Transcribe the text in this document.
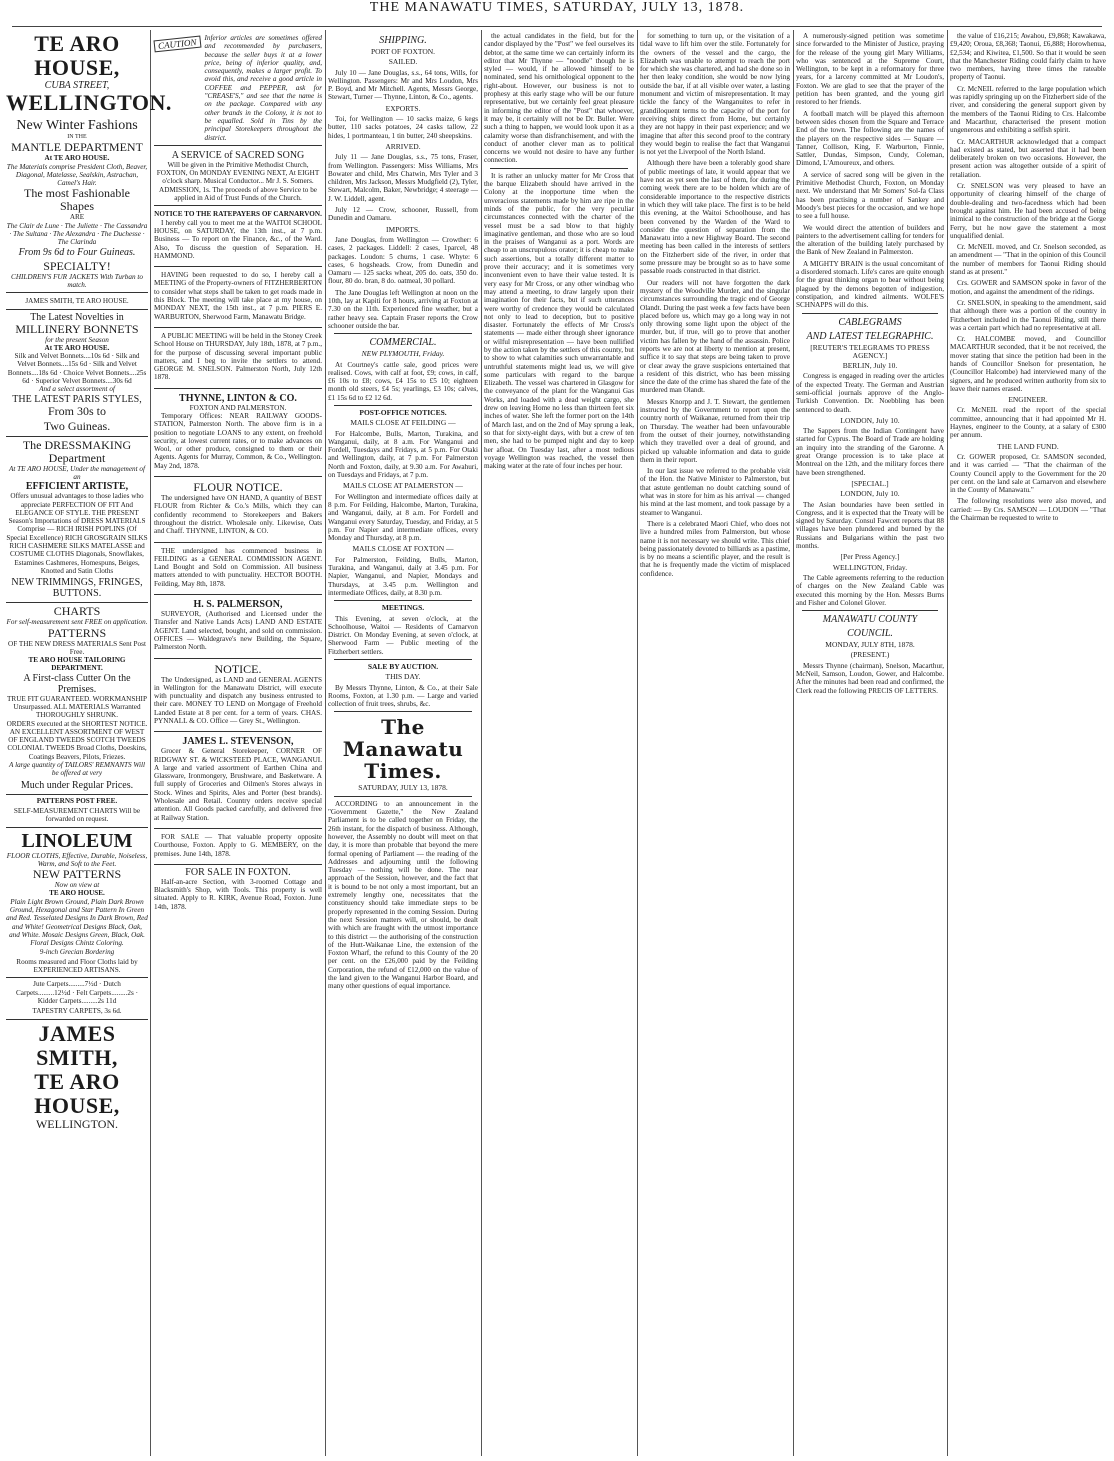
THE MANAWATU TIMES, SATURDAY, JULY 13, 1878.
TE ARO HOUSE,
CUBA STREET,
WELLINGTON.
New Winter Fashions
IN THE
MANTLE DEPARTMENT
At TE ARO HOUSE.
The Materials comprise President Cloth, Beaver, Diagonal, Matelasse, Sealskin, Astrachan, Camel's Hair.
The most Fashionable Shapes
ARE
The Clair de Lune · The Juliette · The Cassandra · The Sultana · The Alexandra · The Duchesse · The Clarinda
From 9s 6d to Four Guineas.
SPECIALTY!
CHILDREN'S FUR JACKETS With Turban to match.
JAMES SMITH, TE ARO HOUSE.
The Latest Novelties in
MILLINERY BONNETS
for the present Season
At TE ARO HOUSE.
Silk and Velvet Bonnets....10s 6d · Silk and Velvet Bonnets....15s 6d · Silk and Velvet Bonnets....18s 6d · Choice Velvet Bonnets....25s 6d · Superior Velvet Bonnets....30s 6d
And a select assortment of
THE LATEST PARIS STYLES,
From 30s to
Two Guineas.
The DRESSMAKING Department
At TE ARO HOUSE, Under the management of an
EFFICIENT ARTISTE,
Offers unusual advantages to those ladies who appreciate PERFECTION OF FIT And ELEGANCE OF STYLE. THE PRESENT Season's Importations of DRESS MATERIALS Comprise — RICH IRISH POPLINS (Of Special Excellence) RICH GROSGRAIN SILKS RICH CASHMERE SILKS MATELASSE and COSTUME CLOTHS Diagonals, Snowflakes, Estamines Cashmeres, Homespuns, Beiges, Knotted and Satin Cloths
NEW TRIMMINGS, FRINGES, BUTTONS.
CHARTS
For self-measurement sent FREE on application.
PATTERNS
OF THE NEW DRESS MATERIALS Sent Post Free.
TE ARO HOUSE TAILORING DEPARTMENT.
A First-class Cutter On the Premises.
TRUE FIT GUARANTEED. WORKMANSHIP Unsurpassed. ALL MATERIALS Warranted THOROUGHLY SHRUNK.
ORDERS executed at the SHORTEST NOTICE.
AN EXCELLENT ASSORTMENT OF WEST OF ENGLAND TWEEDS SCOTCH TWEEDS COLONIAL TWEEDS Broad Cloths, Doeskins, Coatings Beavers, Pilots, Friezes.
A large quantity of TAILORS' REMNANTS Will be offered at very
Much under Regular Prices.
PATTERNS POST FREE.
SELF-MEASUREMENT CHARTS Will be forwarded on request.
LINOLEUM
FLOOR CLOTHS, Effective, Durable, Noiseless, Warm, and Soft to the Feet.
NEW PATTERNS
Now on view at
TE ARO HOUSE.
Plain Light Brown Ground, Plain Dark Brown Ground, Hexagonal and Star Pattern In Green and Red. Tesselated Designs In Dark Brown, Red and White! Geometrical Designs Black, Oak, and White. Mosaic Designs Green, Black, Oak. Floral Designs Chintz Coloring.
9-inch Grecian Bordering
Rooms measured and Floor Cloths laid by EXPERIENCED ARTISANS.
Jute Carpets.........7½d · Dutch Carpets.........12½d · Felt Carpets.........2s · Kidder Carpets.........2s 11d
TAPESTRY CARPETS, 3s 6d.
JAMES SMITH,
TE ARO HOUSE,
WELLINGTON.
CAUTION	Inferior articles are sometimes offered and recommended by purchasers, because the seller buys it at a lower price, being of inferior quality, and, consequently, makes a larger profit. To avoid this, and receive a good article in COFFEE and PEPPER, ask for "CREASE'S," and see that the name is on the package. Compared with any other brands in the Colony, it is not to be equalled. Sold in Tins by the principal Storekeepers throughout the district.
A SERVICE of SACRED SONG
Will be given in the Primitive Methodist Church, FOXTON, On MONDAY EVENING NEXT, At EIGHT o'clock sharp. Musical Conductor... Mr J. S. Somers. ADMISSION, 1s. The proceeds of above Service to be applied in Aid of Trust Funds of the Church.
NOTICE TO THE RATEPAYERS OF CARNARVON.

I hereby call you to meet me at the WAITOI SCHOOL HOUSE, on SATURDAY, the 13th inst., at 7 p.m. Business — To report on the Finance, &c., of the Ward. Also, To discuss the question of Separation. H. HAMMOND.

HAVING been requested to do so, I hereby call a MEETING of the Property-owners of FITZHERBERTON to consider what steps shall be taken to get roads made in this Block. The meeting will take place at my house, on MONDAY NEXT, the 15th inst., at 7 p.m. PIERS E. WARBURTON, Sherwood Farm, Manawatu Bridge.

A PUBLIC MEETING will be held in the Stoney Creek School House on THURSDAY, July 18th, 1878, at 7 p.m., for the purpose of discussing several important public matters, and I beg to invite the settlers to attend. GEORGE M. SNELSON. Palmerston North, July 12th 1878.

THYNNE, LINTON & CO.
FOXTON AND PALMERSTON.

Temporary Offices: NEAR RAILWAY GOODS-STATION, Palmerston North. The above firm is in a position to negotiate LOANS to any extent, on freehold security, at lowest current rates, or to make advances on Wool, or other produce, consigned to them or their Agents. Agents for Murray, Common, & Co., Wellington. May 2nd, 1878.

FLOUR NOTICE.

The undersigned have ON HAND, A quantity of BEST FLOUR from Richter & Co.'s Mills, which they can confidently recommend to Storekeepers and Bakers throughout the district. Wholesale only. Likewise, Oats and Chaff. THYNNE, LINTON, & CO.

THE undersigned has commenced business in FEILDING as a GENERAL COMMISSION AGENT. Land Bought and Sold on Commission. All business matters attended to with punctuality. HECTOR BOOTH. Feilding, May 8th, 1878.

H. S. PALMERSON,

SURVEYOR, (Authorised and Licensed under the Transfer and Native Lands Acts) LAND AND ESTATE AGENT. Land selected, bought, and sold on commission. OFFICES — Waldegrave's new Building, the Square, Palmerston North.

NOTICE.

The Undersigned, as LAND and GENERAL AGENTS in Wellington for the Manawatu District, will execute with punctuality and dispatch any business entrusted to their care. MONEY TO LEND on Mortgage of Freehold Landed Estate at 8 per cent. for a term of years. CHAS. PYNNALL & CO. Office — Grey St., Wellington.

JAMES L. STEVENSON,

Grocer & General Storekeeper, CORNER OF RIDGWAY ST. & WICKSTEED PLACE, WANGANUI. A large and varied assortment of Earthen China and Glassware, Ironmongery, Brushware, and Basketware. A full supply of Groceries and Oilmen's Stores always in Stock. Wines and Spirits, Ales and Porter (best brands). Wholesale and Retail. Country orders receive special attention. All Goods packed carefully, and delivered free at Railway Station.

FOR SALE — That valuable property opposite Courthouse, Foxton. Apply to G. MEMBERY, on the premises. June 14th, 1878.

FOR SALE IN FOXTON.

Half-an-acre Section, with 3-roomed Cottage and Blacksmith's Shop, with Tools. This property is well situated. Apply to R. KIRK, Avenue Road, Foxton. June 14th, 1878.

SHIPPING.
PORT OF FOXTON.
SAILED.

July 10 — Jane Douglas, s.s., 64 tons, Wills, for Wellington. Passengers: Mr and Mrs Loudon, Mrs P. Boyd, and Mr Mitchell. Agents, Messrs George, Stewart, Turner — Thynne, Linton, & Co., agents.

EXPORTS.

Toi, for Wellington — 10 sacks maize, 6 kegs butter, 110 sacks potatoes, 24 casks tallow, 22 hides, 1 portmanteau, 1 tin butter, 240 sheepskins.

ARRIVED.

July 11 — Jane Douglas, s.s., 75 tons, Fraser, from Wellington. Passengers: Miss Williams, Mrs Bowater and child, Mrs Chatwin, Mrs Tyler and 3 children, Mrs Jackson, Messrs Mudgfield (2), Tyler, Stewart, Malcolm, Baker, Newbridge; 4 steerage — J. W. Liddell, agent.

July 12 — Crow, schooner, Russell, from Dunedin and Oamaru.

IMPORTS.

Jane Douglas, from Wellington — Crowther: 6 cases, 2 packages. Liddell: 2 cases, 1parcel, 48 packages. Loudon: 5 churns, 1 case. Whyte: 6 cases, 6 hogsheads. Crow, from Dunedin and Oamaru — 125 sacks wheat, 205 do. oats, 350 do. flour, 80 do. bran, 8 do. oatmeal, 30 pollard.

The Jane Douglas left Wellington at noon on the 10th, lay at Kapiti for 8 hours, arriving at Foxton at 7.30 on the 11th. Experienced fine weather, but a rather heavy sea. Captain Fraser reports the Crow schooner outside the bar.

COMMERCIAL.
NEW PLYMOUTH, Friday.

At Courtney's cattle sale, good prices were realised. Cows, with calf at foot, £9; cows, in calf, £6 10s to £8; cows, £4 15s to £5 10; eighteen month old steers, £4 5s; yearlings, £3 10s; calves, £1 15s 6d to £2 12 6d.

POST-OFFICE NOTICES.
MAILS CLOSE AT FEILDING —

For Halcombe, Bulls, Marton, Turakina, and Wanganui, daily, at 8 a.m. For Wanganui and Fordell, Tuesdays and Fridays, at 5 p.m. For Otaki and Wellington, daily, at 7 p.m. For Palmerston North and Foxton, daily, at 9.30 a.m. For Awahuri, on Tuesdays and Fridays, at 7 p.m.

MAILS CLOSE AT PALMERSTON —

For Wellington and intermediate offices daily at 8 p.m. For Feilding, Halcombe, Marton, Turakina, and Wanganui, daily, at 8 a.m. For Fordell and Wanganui every Saturday, Tuesday, and Friday, at 5 p.m. For Napier and intermediate offices, every Monday and Thursday, at 8 p.m.

MAILS CLOSE AT FOXTON —

For Palmerston, Feilding, Bulls, Marton, Turakina, and Wanganui, daily at 3.45 p.m. For Napier, Wanganui, and Napier, Mondays and Thursdays, at 3.45 p.m. Wellington and intermediate Offices, daily, at 8.30 p.m.

MEETINGS.

This Evening, at seven o'clock, at the Schoolhouse, Waitoi — Residents of Carnarvon District. On Monday Evening, at seven o'clock, at Sherwood Farm — Public meeting of the Fitzherbert settlers.

SALE BY AUCTION.
THIS DAY.

By Messrs Thynne, Linton, & Co., at their Sale Rooms, Foxton, at 1.30 p.m. — Large and varied collection of fruit trees, shrubs, &c.

The Manawatu Times.
SATURDAY, JULY 13, 1878.

ACCORDING to an announcement in the "Government Gazette," the New Zealand Parliament is to be called together on Friday, the 26th instant, for the dispatch of business. Although, however, the Assembly no doubt will meet on that day, it is more than probable that beyond the mere formal opening of Parliament — the reading of the Addresses and adjourning until the following Tuesday — nothing will be done. The near approach of the Session, however, and the fact that it is bound to be not only a most important, but an extremely lengthy one, necessitates that the constituency should take immediate steps to be properly represented in the coming Session. During the next Session matters will, or should, be dealt with which are fraught with the utmost importance to this district — the authorising of the construction of the Hutt-Waikanae Line, the extension of the Foxton Wharf, the refund to this County of the 20 per cent. on the £26,000 paid by the Feilding Corporation, the refund of £12,000 on the value of the land given to the Wanganui Harbor Board, and many other questions of equal importance.

the actual candidates in the field, but for the candor displayed by the "Post" we feel ourselves its debtor, at the same time we can certainly inform its editor that Mr Thynne — "noodle" though he is styled — would, if he allowed himself to be nominated, send his ornithological opponent to the right-about. However, our business is not to prophesy at this early stage who will be our future representative, but we certainly feel great pleasure in informing the editor of the "Post" that whoever, it may be, it certainly will not be Dr. Buller. Were such a thing to happen, we would look upon it as a calamity worse than disfranchisement, and with the conduct of another clever man as to political concerns we would not desire to have any further connection.

It is rather an unlucky matter for Mr Cross that the barque Elizabeth should have arrived in the Colony at the inopportune time when the unveracious statements made by him are ripe in the minds of the public, for the very peculiar circumstances connected with the charter of the vessel must be a sad blow to that highly imaginative gentleman, and those who are so loud in the praises of Wanganui as a port. Words are cheap to an unscrupulous orator; it is cheap to make such assertions, but a totally different matter to prove their accuracy; and it is sometimes very inconvenient even to have their value tested. It is very easy for Mr Cross, or any other windbag who may attend a meeting, to draw largely upon their imagination for their facts, but if such utterances were worthy of credence they would be calculated not only to lead to deception, but to positive disaster. Fortunately the effects of Mr Cross's statements — made either through sheer ignorance or wilful misrepresentation — have been nullified by the action taken by the settlers of this county, but to show to what calamities such unwarrantable and untruthful statements might lead us, we will give some particulars with regard to the barque Elizabeth. The vessel was chartered in Glasgow for the conveyance of the plant for the Wanganui Gas Works, and loaded with a dead weight cargo, she drew on leaving Home no less than thirteen feet six inches of water. She left the former port on the 14th of March last, and on the 2nd of May sprung a leak, so that for sixty-eight days, with but a crew of ten men, she had to be pumped night and day to keep her afloat. On Tuesday last, after a most tedious voyage Wellington was reached, the vessel then making water at the rate of four inches per hour.

for something to turn up, or the visitation of a tidal wave to lift him over the stile. Fortunately for the owners of the vessel and the cargo, the Elizabeth was unable to attempt to reach the port for which she was chartered, and had she done so in her then leaky condition, she would be now lying outside the bar, if at all visible over water, a lasting monument and victim of misrepresentation. It may tickle the fancy of the Wanganuites to refer in grandiloquent terms to the capacity of the port for receiving ships direct from Home, but certainly they are not happy in their past experience; and we imagine that after this second proof to the contrary they would begin to realise the fact that Wanganui is not yet the Liverpool of the North Island.

Although there have been a tolerably good share of public meetings of late, it would appear that we have not as yet seen the last of them, for during the coming week there are to be holden which are of considerable importance to the respective districts in which they will take place. The first is to be held this evening, at the Waitoi Schoolhouse, and has been convened by the Warden of the Ward to consider the question of separation from the Manawatu into a new Highway Board. The second meeting has been called in the interests of settlers on the Fitzherbert side of the river, in order that some pressure may be brought so as to have some passable roads constructed in that district.

Our readers will not have forgotten the dark mystery of the Woodville Murder, and the singular circumstances surrounding the tragic end of George Olandt. During the past week a few facts have been placed before us, which may go a long way in not only throwing some light upon the object of the murder, but, if true, will go to prove that another victim has fallen by the hand of the assassin. Police reports we are not at liberty to mention at present, suffice it to say that steps are being taken to prove or clear away the grave suspicions entertained that a resident of this district, who has been missing since the date of the crime has shared the fate of the murdered man Olandt.

Messrs Knorpp and J. T. Stewart, the gentlemen instructed by the Government to report upon the country north of Waikanae, returned from their trip on Thursday. The weather had been unfavourable from the outset of their journey, notwithstanding which they travelled over a deal of ground, and picked up valuable information and data to guide them in their report.

In our last issue we referred to the probable visit of the Hon. the Native Minister to Palmerston, but that astute gentleman no doubt catching sound of what was in store for him as his arrival — changed his mind at the last moment, and took passage by a steamer to Wanganui.

There is a celebrated Maori Chief, who does not live a hundred miles from Palmerston, but whose name it is not necessary we should write. This chief being passionately devoted to billiards as a pastime, is by no means a scientific player, and the result is that he is frequently made the victim of misplaced confidence.

A numerously-signed petition was sometime since forwarded to the Minister of Justice, praying for the release of the young girl Mary Williams, who was sentenced at the Supreme Court, Wellington, to be kept in a reformatory for three years, for a larceny committed at Mr Loudon's, Foxton. We are glad to see that the prayer of the petition has been granted, and the young girl restored to her friends.

A football match will be played this afternoon between sides chosen from the Square and Terrace End of the town. The following are the names of the players on the respective sides — Square — Tanner, Collison, King, F. Warburton, Finnie, Sattler, Dundas, Simpson, Cundy, Coleman, Dimond, L'Amoureux, and others.

A service of sacred song will be given in the Primitive Methodist Church, Foxton, on Monday next. We understand that Mr Somers' Sol-fa Class has been practising a number of Sankey and Moody's best pieces for the occasion, and we hope to see a full house.

We would direct the attention of builders and painters to the advertisement calling for tenders for the alteration of the building lately purchased by the Bank of New Zealand in Palmerston.

A MIGHTY BRAIN is the usual concomitant of a disordered stomach. Life's cares are quite enough for the great thinking organ to bear without being plagued by the demons begotten of indigestion, constipation, and kindred ailments. WOLFE'S SCHNAPPS will do this.

CABLEGRAMS
AND LATEST TELEGRAPHIC.
[REUTER'S TELEGRAMS TO PRESS AGENCY.]
BERLIN, July 10.

Congress is engaged in reading over the articles of the expected Treaty. The German and Austrian semi-official journals approve of the Anglo-Turkish Convention. Dr. Noebbling has been sentenced to death.

LONDON, July 10.

The Sappers from the Indian Contingent have started for Cyprus. The Board of Trade are holding an inquiry into the stranding of the Garonne. A great Orange procession is to take place at Montreal on the 12th, and the military forces there have been strengthened.

[SPECIAL.]
LONDON, July 10.

The Asian boundaries have been settled in Congress, and it is expected that the Treaty will be signed by Saturday. Consul Fawcett reports that 88 villages have been plundered and burned by the Russians and Bulgarians within the past two months.

[Per Press Agency.]
WELLINGTON, Friday.

The Cable agreements referring to the reduction of charges on the New Zealand Cable was executed this morning by the Hon. Messrs Burns and Fisher and Colonel Glover.

MANAWATU COUNTY
COUNCIL.
MONDAY, JULY 8TH, 1878.
(PRESENT.)

Messrs Thynne (chairman), Snelson, Macarthur, McNeil, Samson, Loudon, Gower, and Halcombe. After the minutes had been read and confirmed, the Clerk read the following PRECIS OF LETTERS.

the value of £16,215; Awahou, £9,868; Kawakawa, £9,420; Oroua, £8,368; Taonui, £6,888; Horowhenua, £2,534; and Kiwitea, £1,500. So that it would be seen that the Manchester Riding could fairly claim to have two members, having three times the rateable property of Taonui.

Cr. McNEIL referred to the large population which was rapidly springing up on the Fitzherbert side of the river, and considering the general support given by the members of the Taonui Riding to Crs. Halcombe and Macarthur, characterised the present motion ungenerous and exhibiting a selfish spirit.

Cr. MACARTHUR acknowledged that a compact had existed as stated, but asserted that it had been deliberately broken on two occasions. However, the present action was altogether outside of a spirit of retaliation.

Cr. SNELSON was very pleased to have an opportunity of clearing himself of the charge of double-dealing and two-facedness which had been brought against him. He had been accused of being inimical to the construction of the bridge at the Gorge Ferry, but he now gave the statement a most unqualified denial.

Cr. McNEIL moved, and Cr. Snelson seconded, as an amendment — "That in the opinion of this Council the number of members for Taonui Riding should stand as at present."

Crs. GOWER and SAMSON spoke in favor of the motion, and against the amendment of the ridings.

Cr. SNELSON, in speaking to the amendment, said that although there was a portion of the country in Fitzherbert included in the Taonui Riding, still there was a certain part which had no representative at all.

Cr. HALCOMBE moved, and Councillor MACARTHUR seconded, that it be not received, the mover stating that since the petition had been in the hands of Councillor Snelson for presentation, he (Councillor Halcombe) had interviewed many of the signers, and he produced written authority from six to leave their names erased.

ENGINEER.

Cr. McNEIL read the report of the special committee, announcing that it had appointed Mr H. Haynes, engineer to the County, at a salary of £300 per annum.

THE LAND FUND.

Cr. GOWER proposed, Cr. SAMSON seconded, and it was carried — "That the chairman of the County Council apply to the Government for the 20 per cent. on the land sale at Carnarvon and elsewhere in the County of Manawatu."

The following resolutions were also moved, and carried: — By Crs. SAMSON — LOUDON — "That the Chairman be requested to write to
